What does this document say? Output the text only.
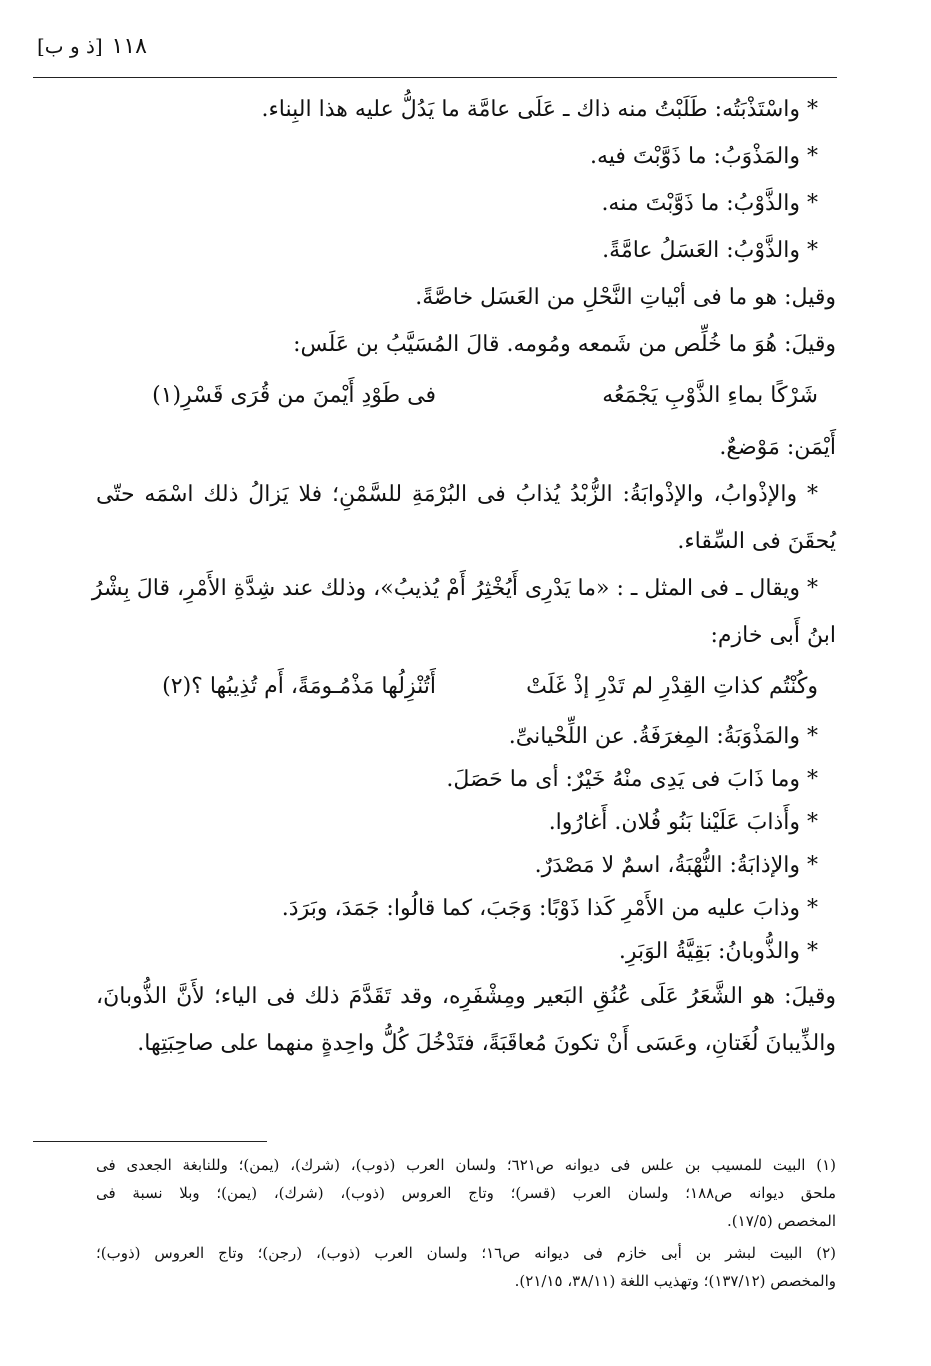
١١٨
[ذ و ب]
* واسْتَذْبَتُه: طَلَبْتُ منه ذاك ـ عَلَى عامَّة ما يَدُلُّ عليه هذا البِناء.
* والمَذْوَبُ: ما ذَوَّبْتَ فيه.
* والذَّوْبُ: ما ذَوَّبْتَ منه.
* والذَّوْبُ: العَسَلُ عامَّةً.
وقيل: هو ما فى أبْياتِ النَّحْلِ من العَسَل خاصَّةً.
وقيلَ: هُوَ ما خُلِّص من شَمعه ومُومه. قالَ المُسَيَّبُ بن عَلَس:
شَرْكًا بماءِ الذَّوْبِ يَجْمَعُه
فى طَوْدِ أَيْمنَ من قُرَى قَسْرِ(١)
أَيْمَن: مَوْضعٌ.
* والإذْوابُ، والإذْوابَةُ: الزُّبْدُ يُذابُ فى البُرْمَةِ للسَّمْنِ؛ فلا يَزالُ ذلك اسْمَه حتّى
يُحقَنَ فى السِّقاء.
* ويقال ـ فى المثل ـ : «ما يَدْرِى أَيُخْثِرُ أَمْ يُذيبُ»، وذلك عند شِدَّةِ الأَمْرِ، قالَ بِشْرُ
ابنُ أَبى خازم:
وكُنْتُم كذاتِ القِدْرِ لم تَدْرِ إذْ غَلَتْ
أَتُنْزِلُها مَذْمُـومَةً، أَم تُذِيبُها ؟(٢)
* والمَذْوَبَةُ: المِغرَفَةُ. عن اللِّحْيانىِّ.
* وما ذَابَ فى يَدِى منْهُ خَيْرٌ: أى ما حَصَلَ.
* وأَذابَ عَلَيْنا بَنُو فُلان. أَغارُوا.
* والإذابَةُ: النُّهْبَةُ، اسمٌ لا مَصْدَرٌ.
* وذابَ عليه من الأَمْرِ كَذا ذَوْبًا: وَجَبَ، كما قالُوا: جَمَدَ، وبَرَدَ.
* والذُّوبانُ: بَقِيَّةُ الوَبَرِ.
وقيلَ: هو الشَّعَرُ عَلَى عُنُقِ البَعير ومِشْفَرِه، وقد تَقَدَّمَ ذلك فى الياء؛ لأَنَّ الذُّوبانَ،
والذِّيبانَ لُغَتانِ، وعَسَى أَنْ تكونَ مُعاقَبَةً، فتَدْخُلَ كُلُّ واحِدةٍ منهما على صاحِبَتِها.
(١) البيت للمسيب بن علس فى ديوانه ص٦٢١؛ ولسان العرب (ذوب)، (شرك)، (يمن)؛ وللنابغة الجعدى فى
ملحق ديوانه ص١٨٨؛ ولسان العرب (قسر)؛ وتاج العروس (ذوب)، (شرك)، (يمن)؛ وبلا نسبة فى
المخصص (١٧/٥).
(٢) البيت لبشر بن أبى خازم فى ديوانه ص١٦؛ ولسان العرب (ذوب)، (رجن)؛ وتاج العروس (ذوب)؛
والمخصص (١٣٧/١٢)؛ وتهذيب اللغة (٣٨/١١، ٢١/١٥).
